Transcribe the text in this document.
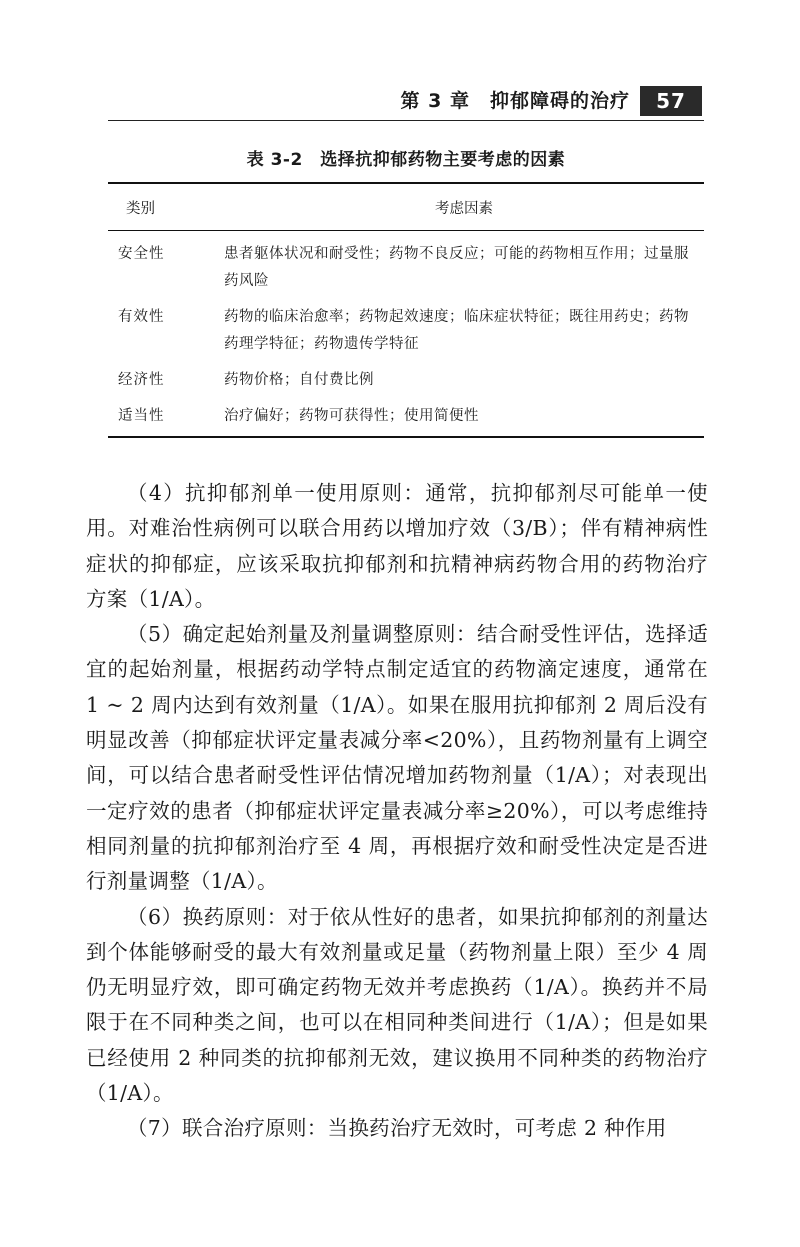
第 3 章　抑郁障碍的治疗	57
表 3-2　选择抗抑郁药物主要考虑的因素
类别	考虑因素
安全性	患者躯体状况和耐受性；药物不良反应；可能的药物相互作用；过量服药风险
有效性	药物的临床治愈率；药物起效速度；临床症状特征；既往用药史；药物药理学特征；药物遗传学特征
经济性	药物价格；自付费比例
适当性	治疗偏好；药物可获得性；使用简便性

（4）抗抑郁剂单一使用原则：通常，抗抑郁剂尽可能单一使用。对难治性病例可以联合用药以增加疗效（3/B）；伴有精神病性症状的抑郁症，应该采取抗抑郁剂和抗精神病药物合用的药物治疗方案（1/A）。

（5）确定起始剂量及剂量调整原则：结合耐受性评估，选择适宜的起始剂量，根据药动学特点制定适宜的药物滴定速度，通常在 1 ~ 2 周内达到有效剂量（1/A）。如果在服用抗抑郁剂 2 周后没有明显改善（抑郁症状评定量表减分率<20%），且药物剂量有上调空间，可以结合患者耐受性评估情况增加药物剂量（1/A）；对表现出一定疗效的患者（抑郁症状评定量表减分率≥20%），可以考虑维持相同剂量的抗抑郁剂治疗至 4 周，再根据疗效和耐受性决定是否进行剂量调整（1/A）。

（6）换药原则：对于依从性好的患者，如果抗抑郁剂的剂量达到个体能够耐受的最大有效剂量或足量（药物剂量上限）至少 4 周仍无明显疗效，即可确定药物无效并考虑换药（1/A）。换药并不局限于在不同种类之间，也可以在相同种类间进行（1/A）；但是如果已经使用 2 种同类的抗抑郁剂无效，建议换用不同种类的药物治疗（1/A）。

（7）联合治疗原则：当换药治疗无效时，可考虑 2 种作用
